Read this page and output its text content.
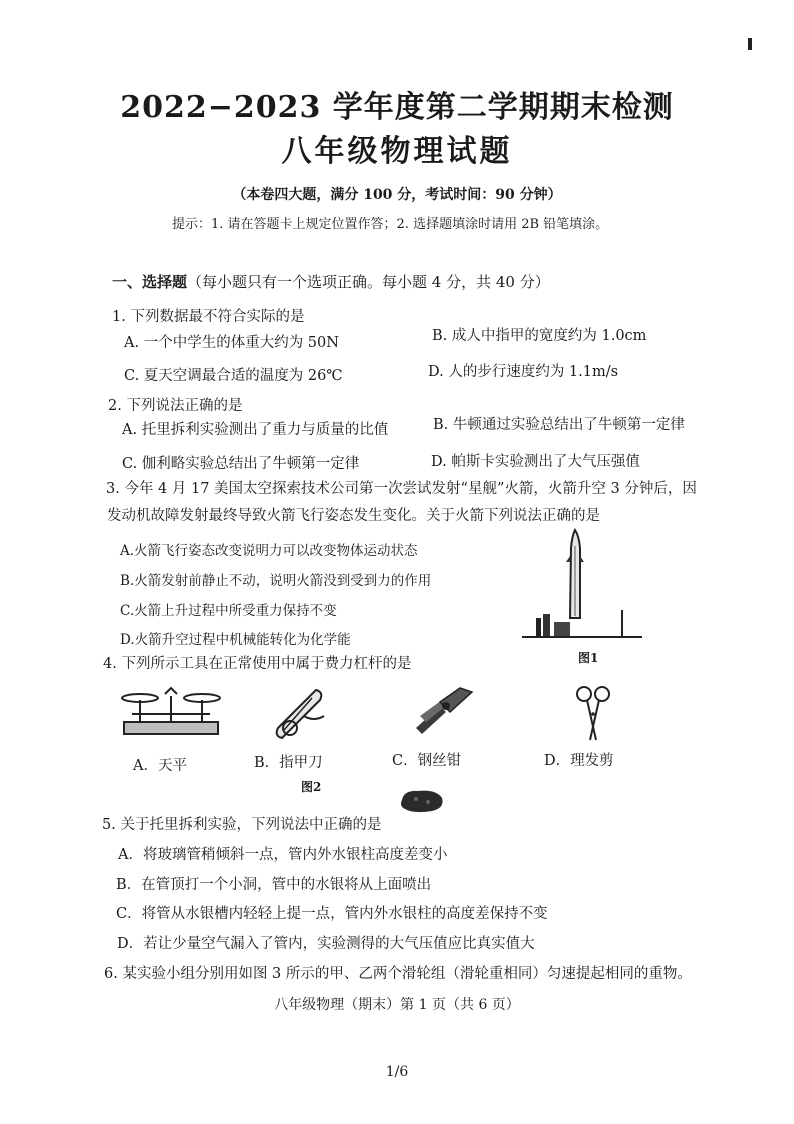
2022−2023 学年度第二学期期末检测
八年级物理试题
（本卷四大题，满分 100 分，考试时间：90 分钟）
提示：1. 请在答题卡上规定位置作答；2. 选择题填涂时请用 2B 铅笔填涂。
一、选择题（每小题只有一个选项正确。每小题 4 分，共 40 分）
1. 下列数据最不符合实际的是
A. 一个中学生的体重大约为 50N	B. 成人中指甲的宽度约为 1.0cm
C. 夏天空调最合适的温度为 26℃	D. 人的步行速度约为 1.1m/s
2. 下列说法正确的是
A. 托里拆利实验测出了重力与质量的比值	B. 牛顿通过实验总结出了牛顿第一定律
C. 伽利略实验总结出了牛顿第一定律	D. 帕斯卡实验测出了大气压强值
3. 今年 4 月 17 美国太空探索技术公司第一次尝试发射“星舰”火箭，火箭升空 3 分钟后，因
发动机故障发射最终导致火箭飞行姿态发生变化。关于火箭下列说法正确的是
A.火箭飞行姿态改变说明力可以改变物体运动状态
B.火箭发射前静止不动，说明火箭没到受到力的作用
C.火箭上升过程中所受重力保持不变
D.火箭升空过程中机械能转化为化学能
图1
4. 下列所示工具在正常使用中属于费力杠杆的是
A．天平	B．指甲刀	C．钢丝钳	D．理发剪
图2
5. 关于托里拆利实验，下列说法中正确的是
A．将玻璃管稍倾斜一点，管内外水银柱高度差变小
B．在管顶打一个小洞，管中的水银将从上面喷出
C．将管从水银槽内轻轻上提一点，管内外水银柱的高度差保持不变
D．若让少量空气漏入了管内，实验测得的大气压值应比真实值大
6. 某实验小组分别用如图 3 所示的甲、乙两个滑轮组（滑轮重相同）匀速提起相同的重物。
八年级物理（期末）第 1 页（共 6 页）
1/6
